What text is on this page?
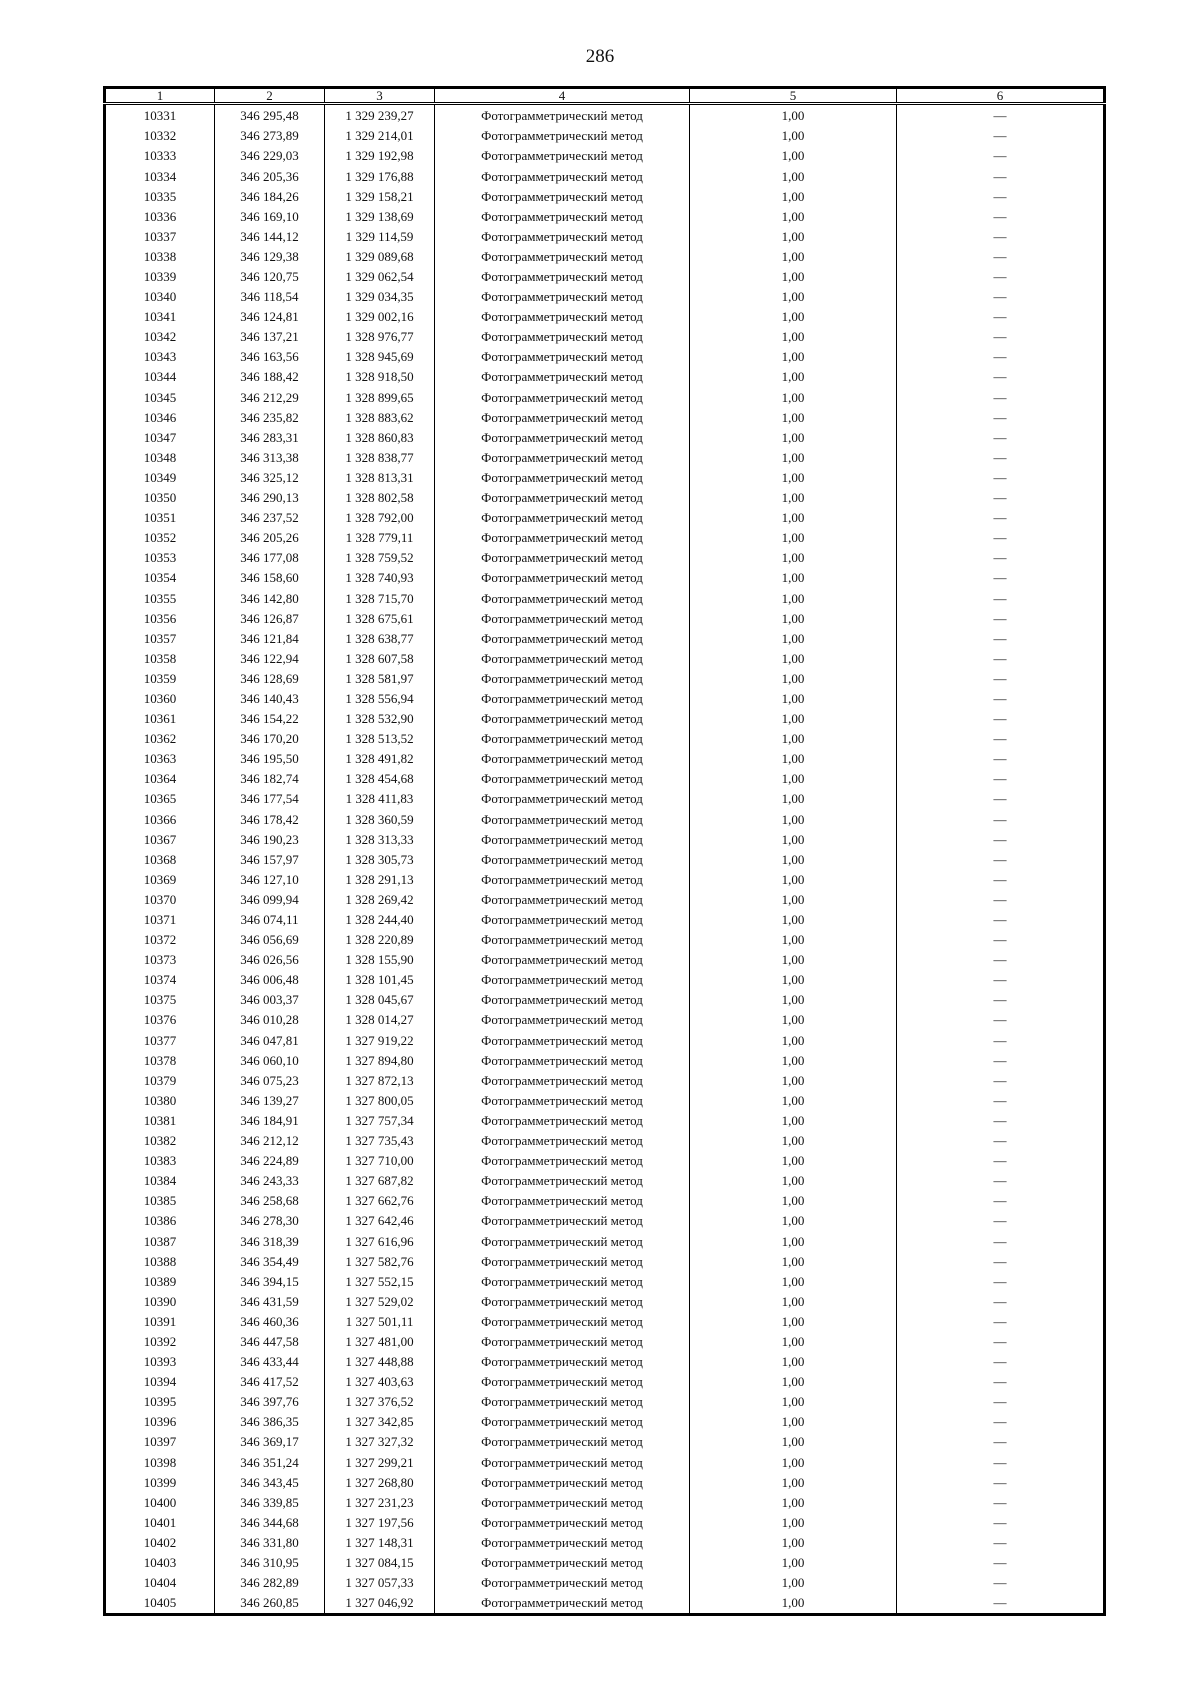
286
1	2	3	4	5	6
10331	346 295,48	1 329 239,27	Фотограмметрический метод	1,00	—
10332	346 273,89	1 329 214,01	Фотограмметрический метод	1,00	—
10333	346 229,03	1 329 192,98	Фотограмметрический метод	1,00	—
10334	346 205,36	1 329 176,88	Фотограмметрический метод	1,00	—
10335	346 184,26	1 329 158,21	Фотограмметрический метод	1,00	—
10336	346 169,10	1 329 138,69	Фотограмметрический метод	1,00	—
10337	346 144,12	1 329 114,59	Фотограмметрический метод	1,00	—
10338	346 129,38	1 329 089,68	Фотограмметрический метод	1,00	—
10339	346 120,75	1 329 062,54	Фотограмметрический метод	1,00	—
10340	346 118,54	1 329 034,35	Фотограмметрический метод	1,00	—
10341	346 124,81	1 329 002,16	Фотограмметрический метод	1,00	—
10342	346 137,21	1 328 976,77	Фотограмметрический метод	1,00	—
10343	346 163,56	1 328 945,69	Фотограмметрический метод	1,00	—
10344	346 188,42	1 328 918,50	Фотограмметрический метод	1,00	—
10345	346 212,29	1 328 899,65	Фотограмметрический метод	1,00	—
10346	346 235,82	1 328 883,62	Фотограмметрический метод	1,00	—
10347	346 283,31	1 328 860,83	Фотограмметрический метод	1,00	—
10348	346 313,38	1 328 838,77	Фотограмметрический метод	1,00	—
10349	346 325,12	1 328 813,31	Фотограмметрический метод	1,00	—
10350	346 290,13	1 328 802,58	Фотограмметрический метод	1,00	—
10351	346 237,52	1 328 792,00	Фотограмметрический метод	1,00	—
10352	346 205,26	1 328 779,11	Фотограмметрический метод	1,00	—
10353	346 177,08	1 328 759,52	Фотограмметрический метод	1,00	—
10354	346 158,60	1 328 740,93	Фотограмметрический метод	1,00	—
10355	346 142,80	1 328 715,70	Фотограмметрический метод	1,00	—
10356	346 126,87	1 328 675,61	Фотограмметрический метод	1,00	—
10357	346 121,84	1 328 638,77	Фотограмметрический метод	1,00	—
10358	346 122,94	1 328 607,58	Фотограмметрический метод	1,00	—
10359	346 128,69	1 328 581,97	Фотограмметрический метод	1,00	—
10360	346 140,43	1 328 556,94	Фотограмметрический метод	1,00	—
10361	346 154,22	1 328 532,90	Фотограмметрический метод	1,00	—
10362	346 170,20	1 328 513,52	Фотограмметрический метод	1,00	—
10363	346 195,50	1 328 491,82	Фотограмметрический метод	1,00	—
10364	346 182,74	1 328 454,68	Фотограмметрический метод	1,00	—
10365	346 177,54	1 328 411,83	Фотограмметрический метод	1,00	—
10366	346 178,42	1 328 360,59	Фотограмметрический метод	1,00	—
10367	346 190,23	1 328 313,33	Фотограмметрический метод	1,00	—
10368	346 157,97	1 328 305,73	Фотограмметрический метод	1,00	—
10369	346 127,10	1 328 291,13	Фотограмметрический метод	1,00	—
10370	346 099,94	1 328 269,42	Фотограмметрический метод	1,00	—
10371	346 074,11	1 328 244,40	Фотограмметрический метод	1,00	—
10372	346 056,69	1 328 220,89	Фотограмметрический метод	1,00	—
10373	346 026,56	1 328 155,90	Фотограмметрический метод	1,00	—
10374	346 006,48	1 328 101,45	Фотограмметрический метод	1,00	—
10375	346 003,37	1 328 045,67	Фотограмметрический метод	1,00	—
10376	346 010,28	1 328 014,27	Фотограмметрический метод	1,00	—
10377	346 047,81	1 327 919,22	Фотограмметрический метод	1,00	—
10378	346 060,10	1 327 894,80	Фотограмметрический метод	1,00	—
10379	346 075,23	1 327 872,13	Фотограмметрический метод	1,00	—
10380	346 139,27	1 327 800,05	Фотограмметрический метод	1,00	—
10381	346 184,91	1 327 757,34	Фотограмметрический метод	1,00	—
10382	346 212,12	1 327 735,43	Фотограмметрический метод	1,00	—
10383	346 224,89	1 327 710,00	Фотограмметрический метод	1,00	—
10384	346 243,33	1 327 687,82	Фотограмметрический метод	1,00	—
10385	346 258,68	1 327 662,76	Фотограмметрический метод	1,00	—
10386	346 278,30	1 327 642,46	Фотограмметрический метод	1,00	—
10387	346 318,39	1 327 616,96	Фотограмметрический метод	1,00	—
10388	346 354,49	1 327 582,76	Фотограмметрический метод	1,00	—
10389	346 394,15	1 327 552,15	Фотограмметрический метод	1,00	—
10390	346 431,59	1 327 529,02	Фотограмметрический метод	1,00	—
10391	346 460,36	1 327 501,11	Фотограмметрический метод	1,00	—
10392	346 447,58	1 327 481,00	Фотограмметрический метод	1,00	—
10393	346 433,44	1 327 448,88	Фотограмметрический метод	1,00	—
10394	346 417,52	1 327 403,63	Фотограмметрический метод	1,00	—
10395	346 397,76	1 327 376,52	Фотограмметрический метод	1,00	—
10396	346 386,35	1 327 342,85	Фотограмметрический метод	1,00	—
10397	346 369,17	1 327 327,32	Фотограмметрический метод	1,00	—
10398	346 351,24	1 327 299,21	Фотограмметрический метод	1,00	—
10399	346 343,45	1 327 268,80	Фотограмметрический метод	1,00	—
10400	346 339,85	1 327 231,23	Фотограмметрический метод	1,00	—
10401	346 344,68	1 327 197,56	Фотограмметрический метод	1,00	—
10402	346 331,80	1 327 148,31	Фотограмметрический метод	1,00	—
10403	346 310,95	1 327 084,15	Фотограмметрический метод	1,00	—
10404	346 282,89	1 327 057,33	Фотограмметрический метод	1,00	—
10405	346 260,85	1 327 046,92	Фотограмметрический метод	1,00	—
